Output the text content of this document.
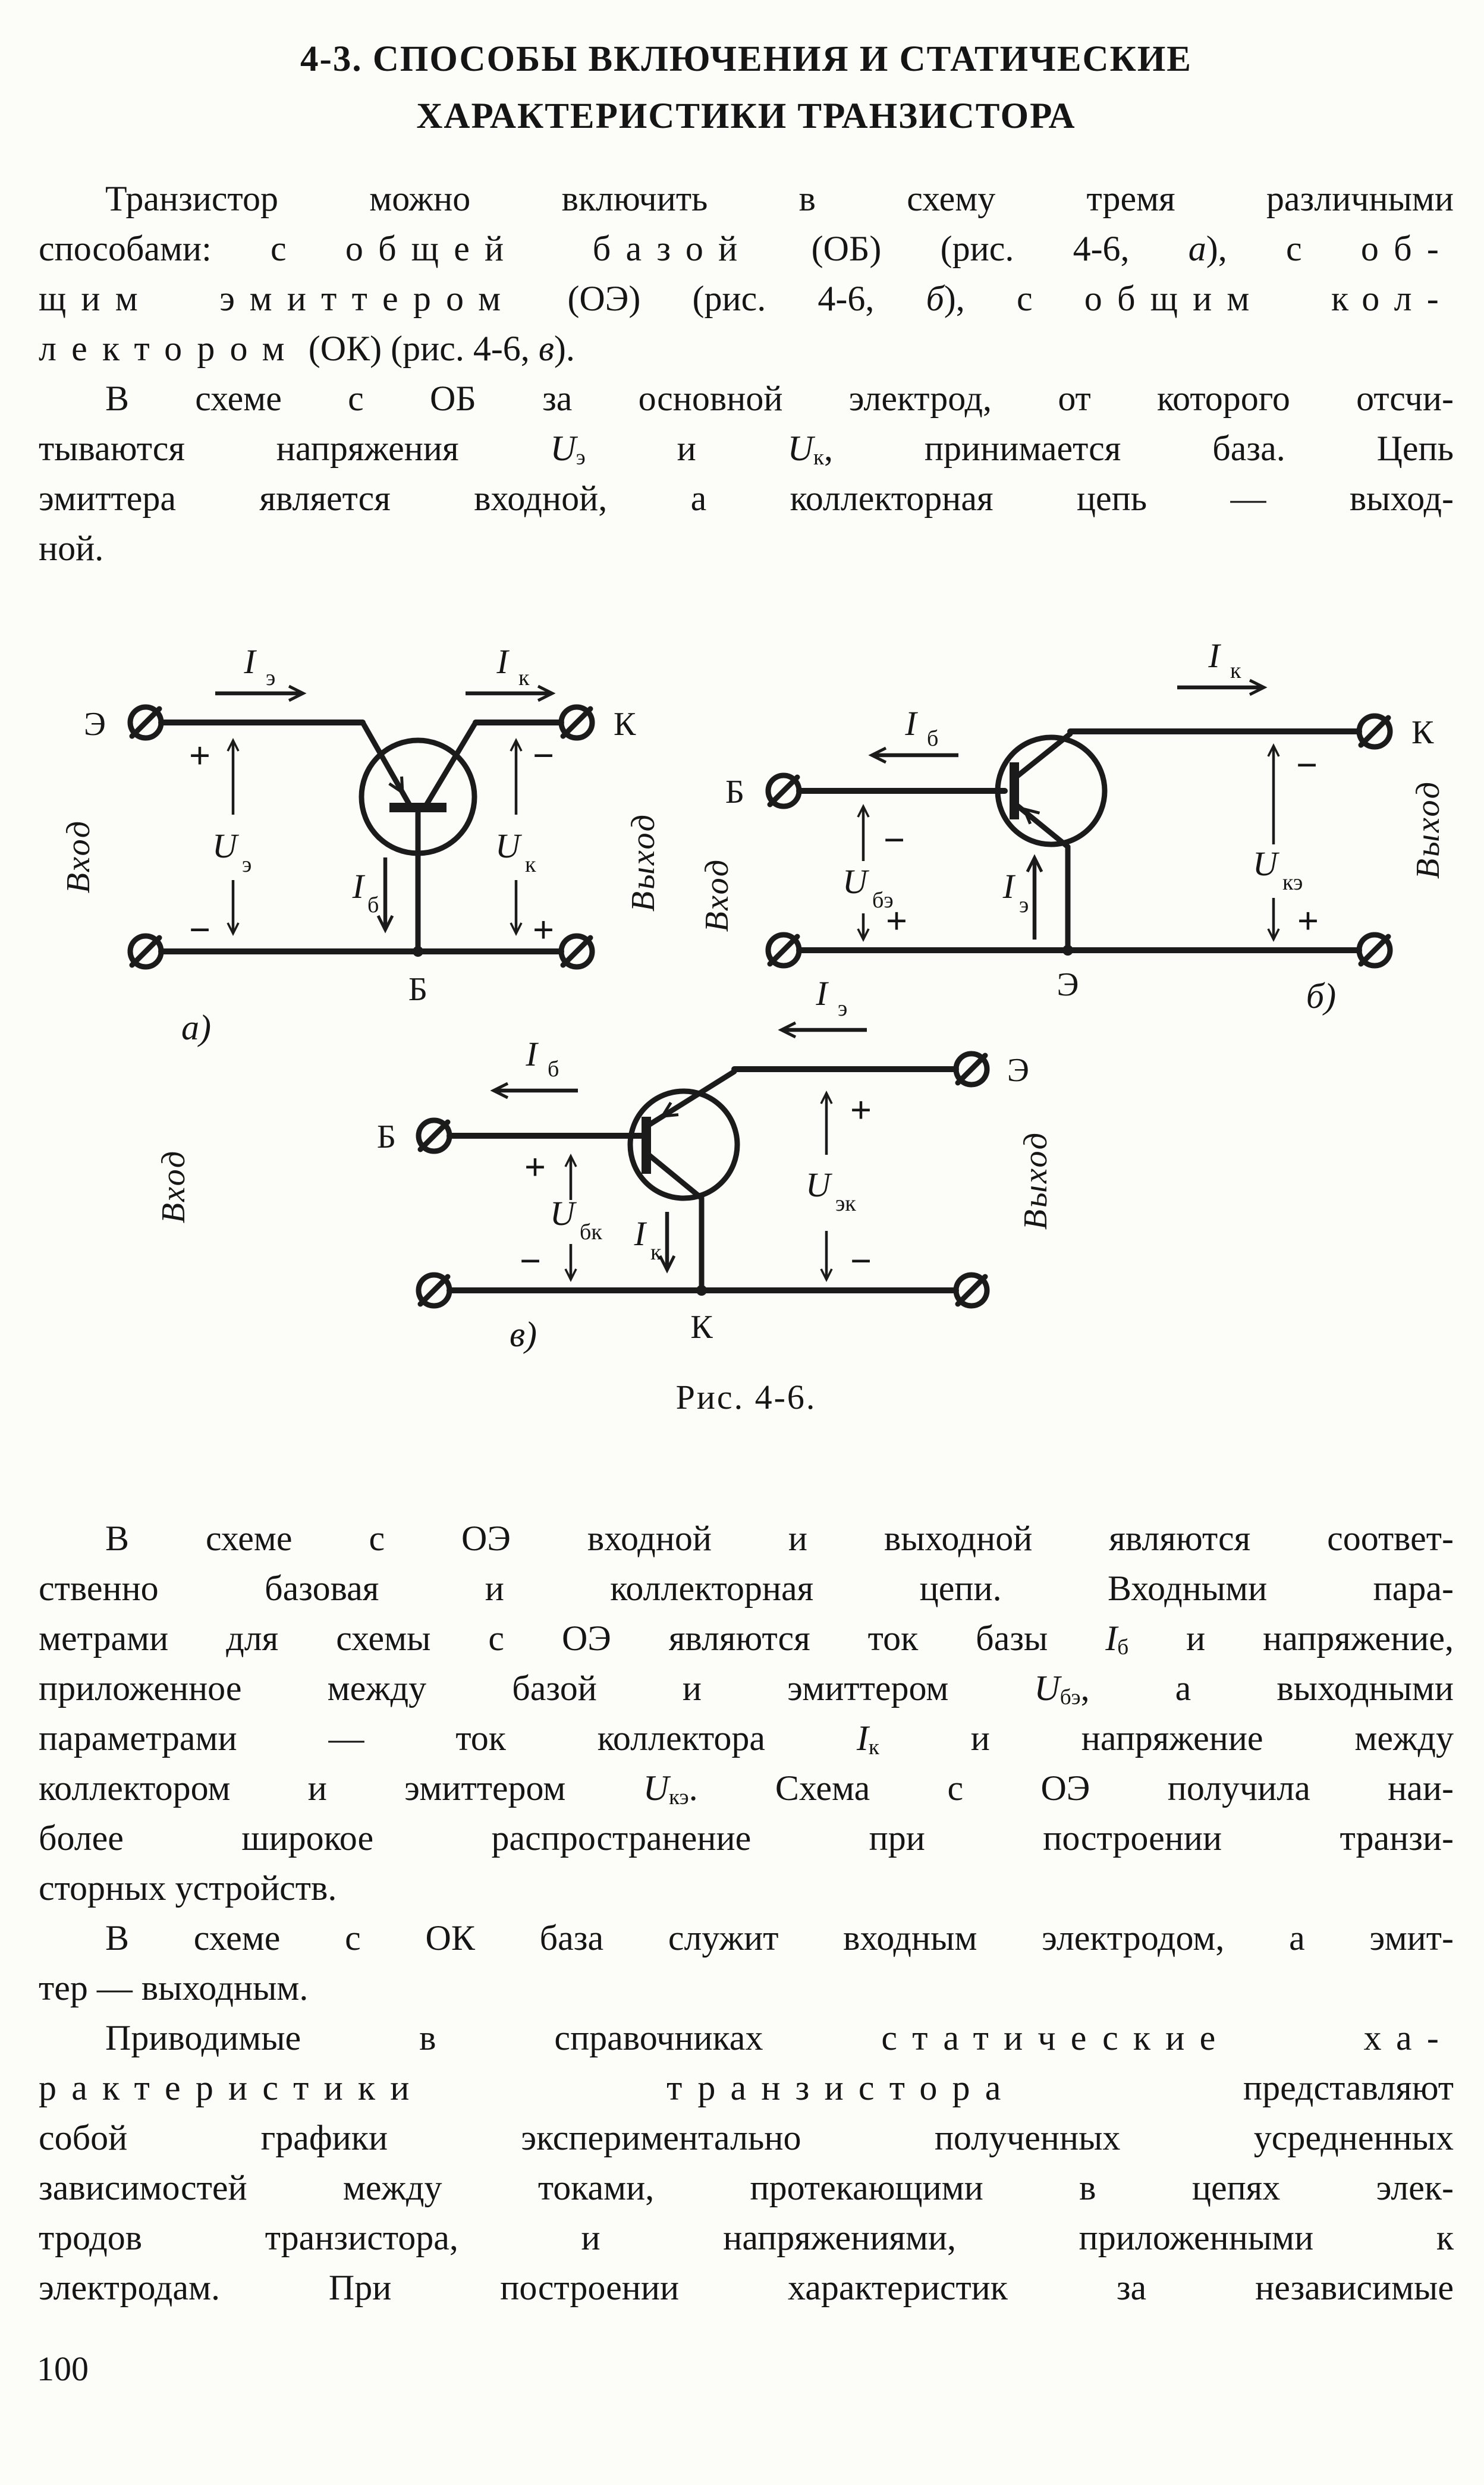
4-3. СПОСОБЫ ВКЛЮЧЕНИЯ И СТАТИЧЕСКИЕ
ХАРАКТЕРИСТИКИ ТРАНЗИСТОРА
Транзистор можно включить в схему тремя различными
способами: с общей базой (ОБ) (рис. 4-6, а), с об-
щим эмиттером (ОЭ) (рис. 4-6, б), с общим кол-
лектором (ОК) (рис. 4-6, в).
В схеме с ОБ за основной электрод, от которого отсчи-
тываются напряжения $U_э$ и $U_к$, принимается база. Цепь
эмиттера является входной, а коллекторная цепь — выход-
ной.
Э	К
I э	I к
U э
+
−
U к
−
+
I б
Вход	Выход
Б
а)
Б
К
I б
I к
U бэ
−
+
I э
U кэ
−
+
Вход
Выход
Э	б)
Б
Э
I э
I б
I к
U бк
+
−
U эк
+
−
Вход	Выход
К
в)
Рис. 4-6.
В схеме с ОЭ входной и выходной являются соответ-
ственно базовая и коллекторная цепи. Входными пара-
метрами для схемы с ОЭ являются ток базы $I_б$ и напряжение,
приложенное между базой и эмиттером $U_{бэ}$, а выходными
параметрами — ток коллектора $I_к$ и напряжение между
коллектором и эмиттером $U_{кэ}$. Схема с ОЭ получила наи-
более широкое распространение при построении транзи-
сторных устройств.
В схеме с ОК база служит входным электродом, а эмит-
тер — выходным.
Приводимые в справочниках статические ха-
рактеристики транзистора представляют
собой графики экспериментально полученных усредненных
зависимостей между токами, протекающими в цепях элек-
тродов транзистора, и напряжениями, приложенными к
электродам. При построении характеристик за независимые
100
